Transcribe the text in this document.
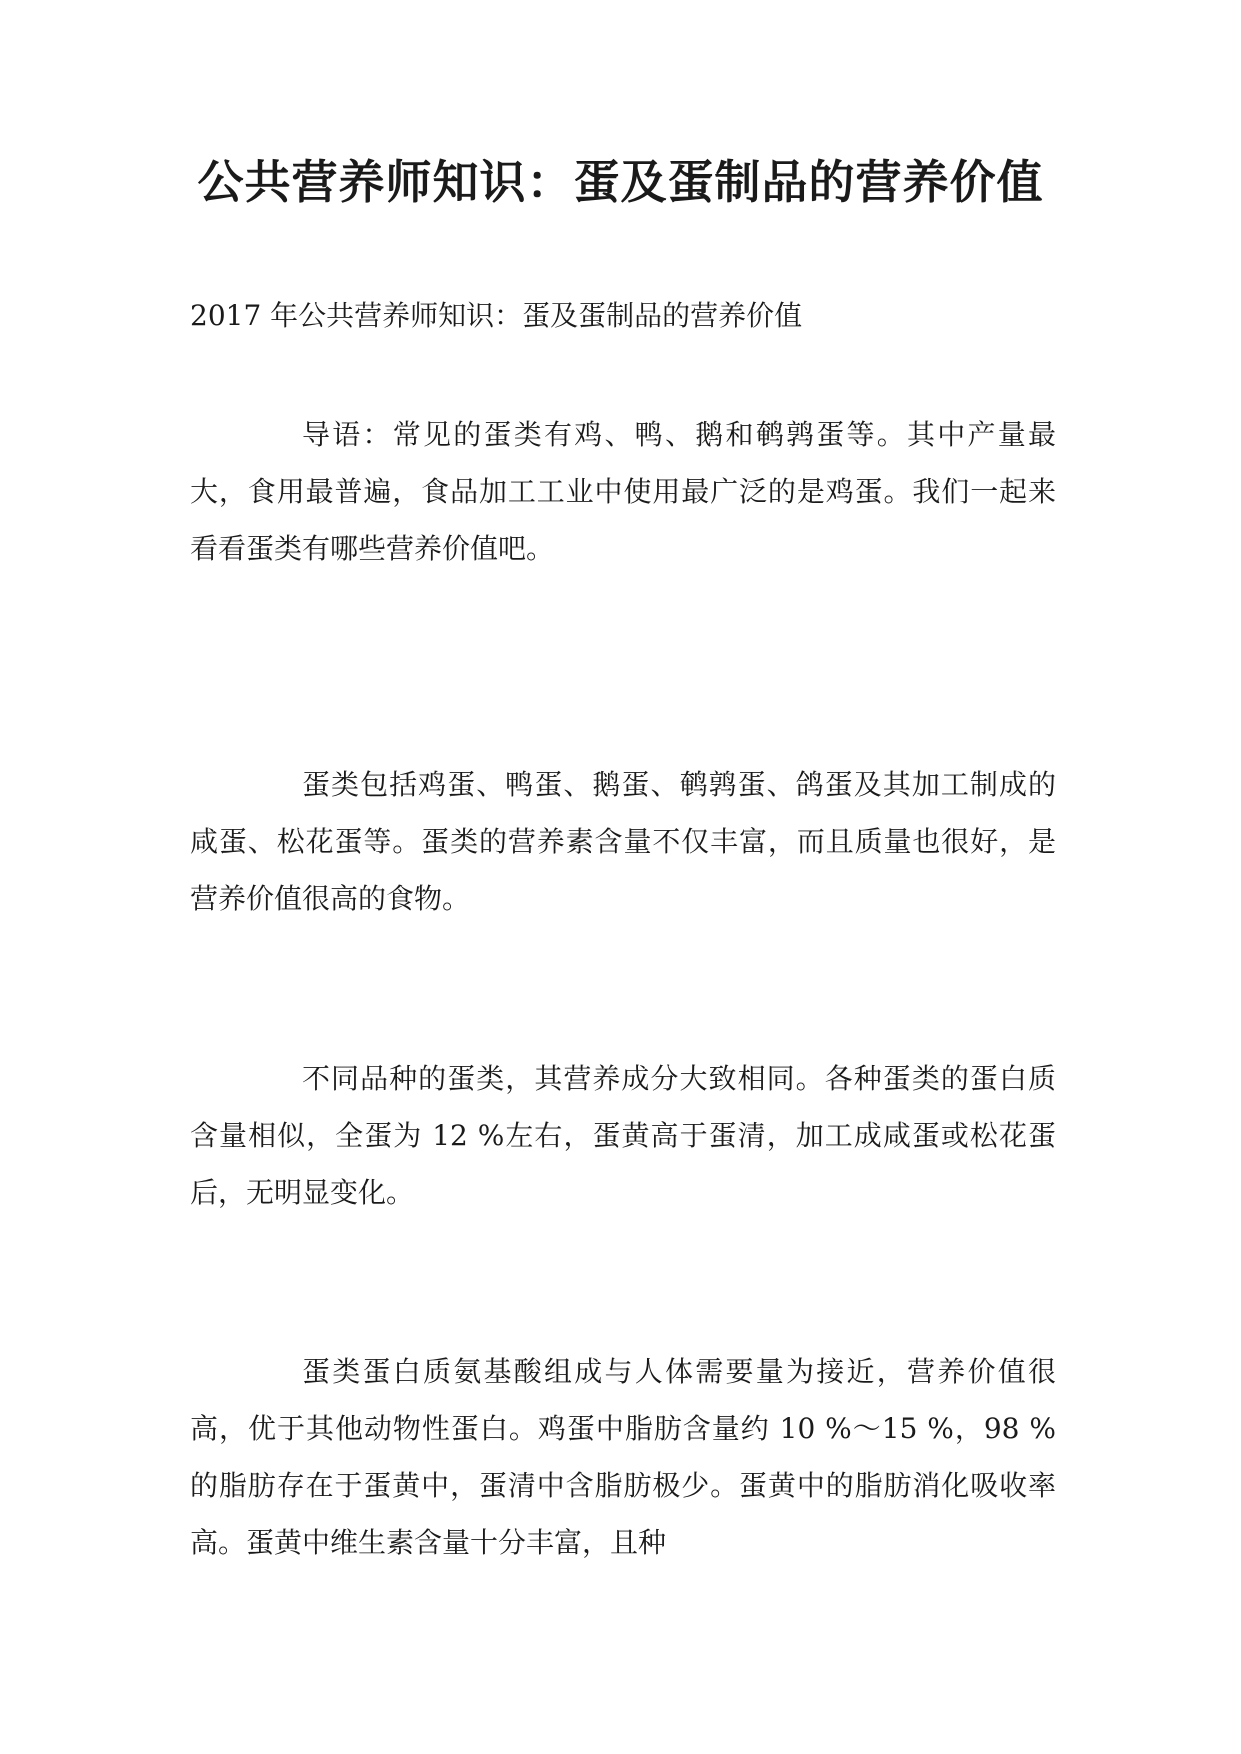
公共营养师知识：蛋及蛋制品的营养价值

2017 年公共营养师知识：蛋及蛋制品的营养价值

导语：常见的蛋类有鸡、鸭、鹅和鹌鹑蛋等。其中产量最大，食用最普遍，食品加工工业中使用最广泛的是鸡蛋。我们一起来看看蛋类有哪些营养价值吧。

蛋类包括鸡蛋、鸭蛋、鹅蛋、鹌鹑蛋、鸽蛋及其加工制成的咸蛋、松花蛋等。蛋类的营养素含量不仅丰富，而且质量也很好，是营养价值很高的食物。

不同品种的蛋类，其营养成分大致相同。各种蛋类的蛋白质含量相似，全蛋为 12 %左右，蛋黄高于蛋清，加工成咸蛋或松花蛋后，无明显变化。

蛋类蛋白质氨基酸组成与人体需要量为接近，营养价值很高，优于其他动物性蛋白。鸡蛋中脂肪含量约 10 %～15 %，98 %的脂肪存在于蛋黄中，蛋清中含脂肪极少。蛋黄中的脂肪消化吸收率高。蛋黄中维生素含量十分丰富，且种
